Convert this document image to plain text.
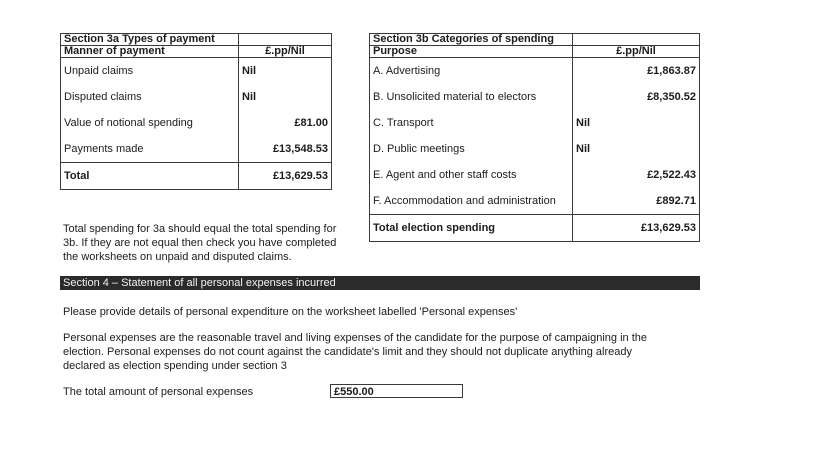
Section 3a Types of payment	
Manner of payment	£.pp/Nil
Unpaid claims	Nil
Disputed claims	Nil
Value of notional spending	£81.00
Payments made	£13,548.53
Total	£13,629.53
Total spending for 3a should equal the total spending for 3b. If they are not equal then check you have completed the worksheets on unpaid and disputed claims.
Section 3b Categories of spending	
Purpose	£.pp/Nil
A. Advertising	£1,863.87
B. Unsolicited material to electors	£8,350.52
C. Transport	Nil
D. Public meetings	Nil
E. Agent and other staff costs	£2,522.43
F. Accommodation and administration	£892.71
Total election spending	£13,629.53
Section 4 – Statement of all personal expenses incurred
Please provide details of personal expenditure on the worksheet labelled 'Personal expenses'
Personal expenses are the reasonable travel and living expenses of the candidate for the purpose of campaigning in the election. Personal expenses do not count against the candidate's limit and they should not duplicate anything already declared as election spending under section 3
The total amount of personal expenses	£550.00
